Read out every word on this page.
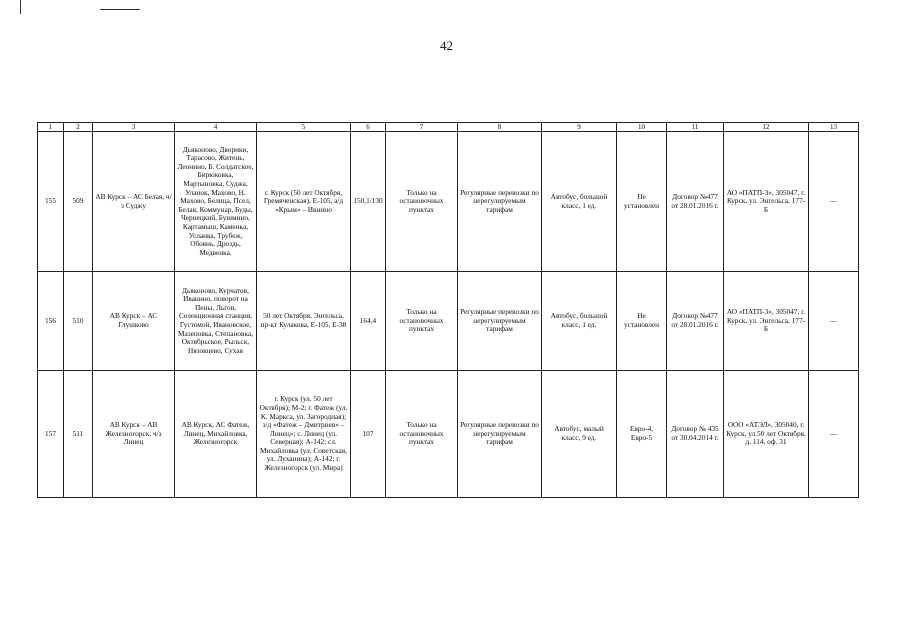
42
1	2	3	4	5	6	7	8	9	10	11	12	13
155	509	АВ Курск – АС Белая, ч/з Суджу	Дьяконово, Дворики, Тарасово, Житень, Леонино, Б. Солдатское, Бирюковка, Мартыновка, Суджа, Уланок, Махово, Н. Махово, Белица, Псел, Белая, Коммунар, Буды, Чернецкий, Бушмино, Картамыш, Каменка, Усланка, Трубеж, Обоянь, Дроздь, Медвенка.	г. Курск (50 лет Октября, Гремяченская), Е-105, а/д «Крым» – Ивнино	150,1/130	Только на остановочных пунктах	Регулярные перевозки по нерегулируемым тарифам	Автобус, большой класс, 1 ед.	Не установлен	Договор №477 от 28.01.2016 г.	АО «ПАТП-3», 305047, г. Курск, ул. Энгельса, 177-Б	—
156	510	АВ Курск – АС Глушково	Дьяконово, Курчатов, Иванино, поворот на Пены, Льгов, Селекционная станция, Густомой, Ивановское, Мазеповка, Степановка, Октябрьское, Рыльск, Нязовцево, Сухая	50 лет Октября, Энгельса, пр-кт Кулакова, Е-105, Е-38	164,4	Только на остановочных пунктах	Регулярные перевозки по нерегулируемым тарифам	Автобус, большой класс, 1 ед.	Не установлен	Договор №477 от 28.01.2016 г.	АО «ПАТП-3», 305047, г. Курск, ул. Энгельса, 177-Б	—
157	511	АВ Курск – АВ Железногорск, ч/з Линец	АВ Курск, АС Фатеж, Линец, Михайловка, Железногорск	г. Курск (ул. 50 лет Октября); М-2; г. Фатеж (ул. К. Маркса, ул. Загородная); з/д «Фатеж – Дмитриев» – Линец»; с. Линец (ул. Северная); А-142; сл. Михайловка (ул. Советская, ул. Луханина); А-142; г. Железногорск (ул. Мира)	107	Только на остановочных пунктах	Регулярные перевозки по нерегулируемым тарифам	Автобус, малый класс, 9 ед.	Евро-4, Евро-5	Договор № 435 от 30.04.2014 г.	ООО «АТЭЛ», 305040, г. Курск, ул.50 лет Октября, д. 114, оф. 31	—
